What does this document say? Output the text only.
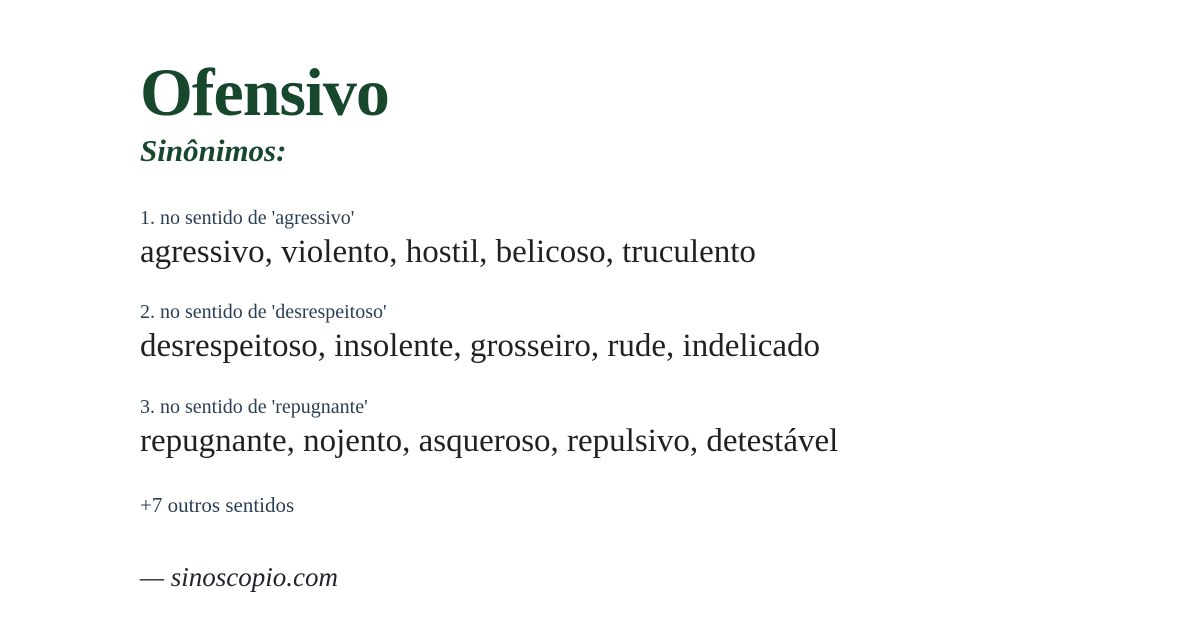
Ofensivo
Sinônimos:
1. no sentido de 'agressivo'
agressivo, violento, hostil, belicoso, truculento
2. no sentido de 'desrespeitoso'
desrespeitoso, insolente, grosseiro, rude, indelicado
3. no sentido de 'repugnante'
repugnante, nojento, asqueroso, repulsivo, detestável
+7 outros sentidos
— sinoscopio.com
